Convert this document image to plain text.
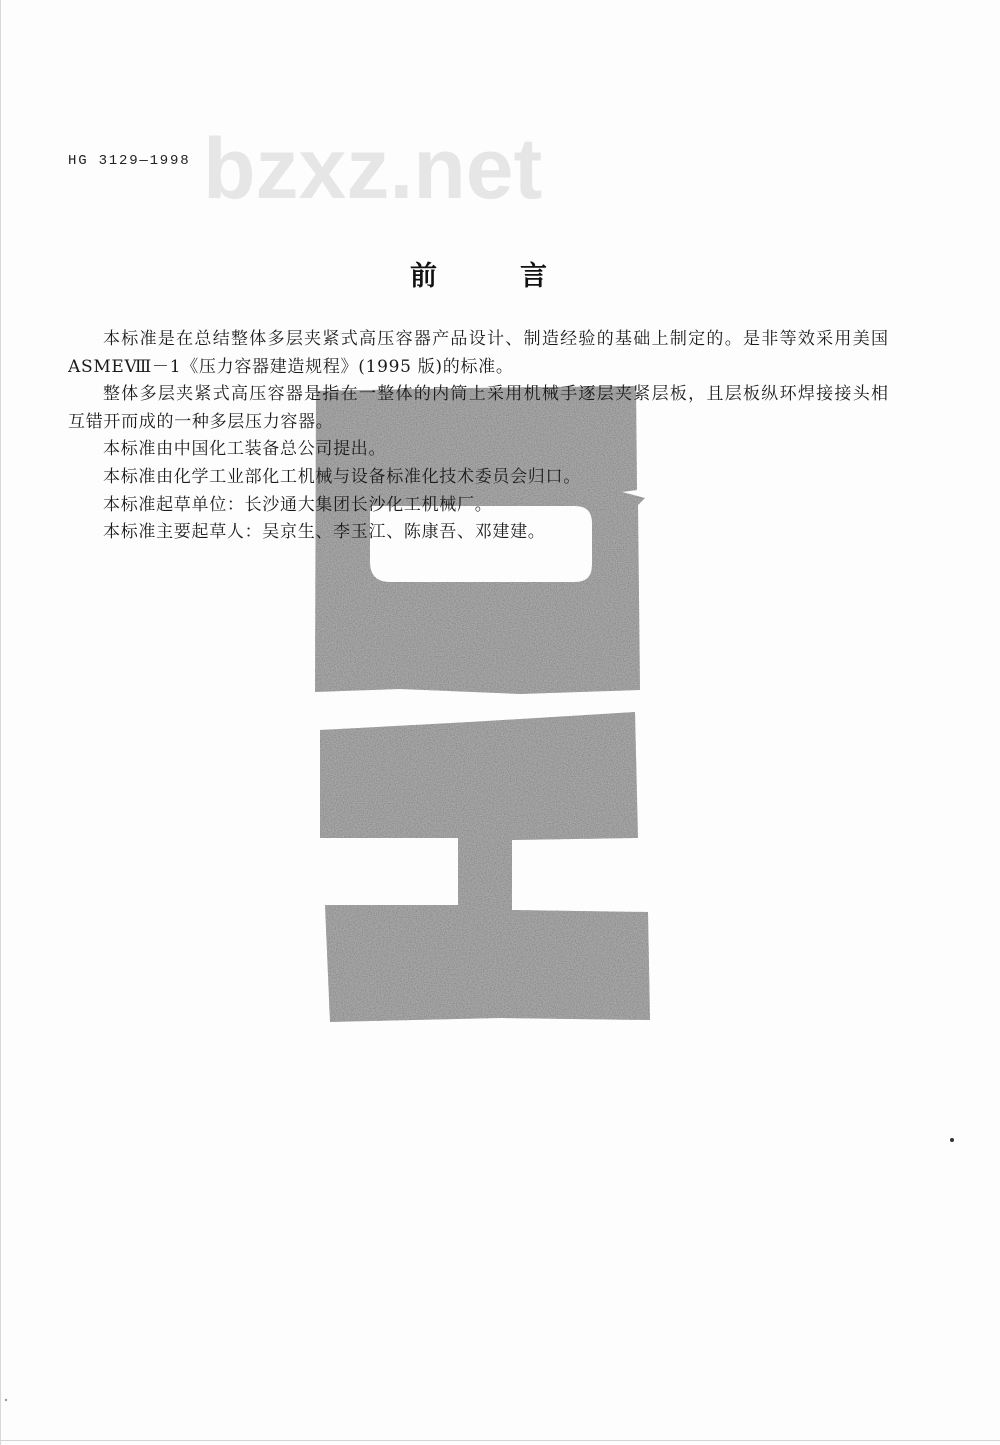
bzxz.net
HG 3129—1998
前　言
本标准是在总结整体多层夹紧式高压容器产品设计、制造经验的基础上制定的。是非等效采用美国
ASMEⅧ－1《压力容器建造规程》(1995 版)的标准。
整体多层夹紧式高压容器是指在一整体的内筒上采用机械手逐层夹紧层板，且层板纵环焊接接头相
互错开而成的一种多层压力容器。
本标准由中国化工装备总公司提出。
本标准由化学工业部化工机械与设备标准化技术委员会归口。
本标准起草单位：长沙通大集团长沙化工机械厂。
本标准主要起草人：吴京生、李玉江、陈康吾、邓建建。
